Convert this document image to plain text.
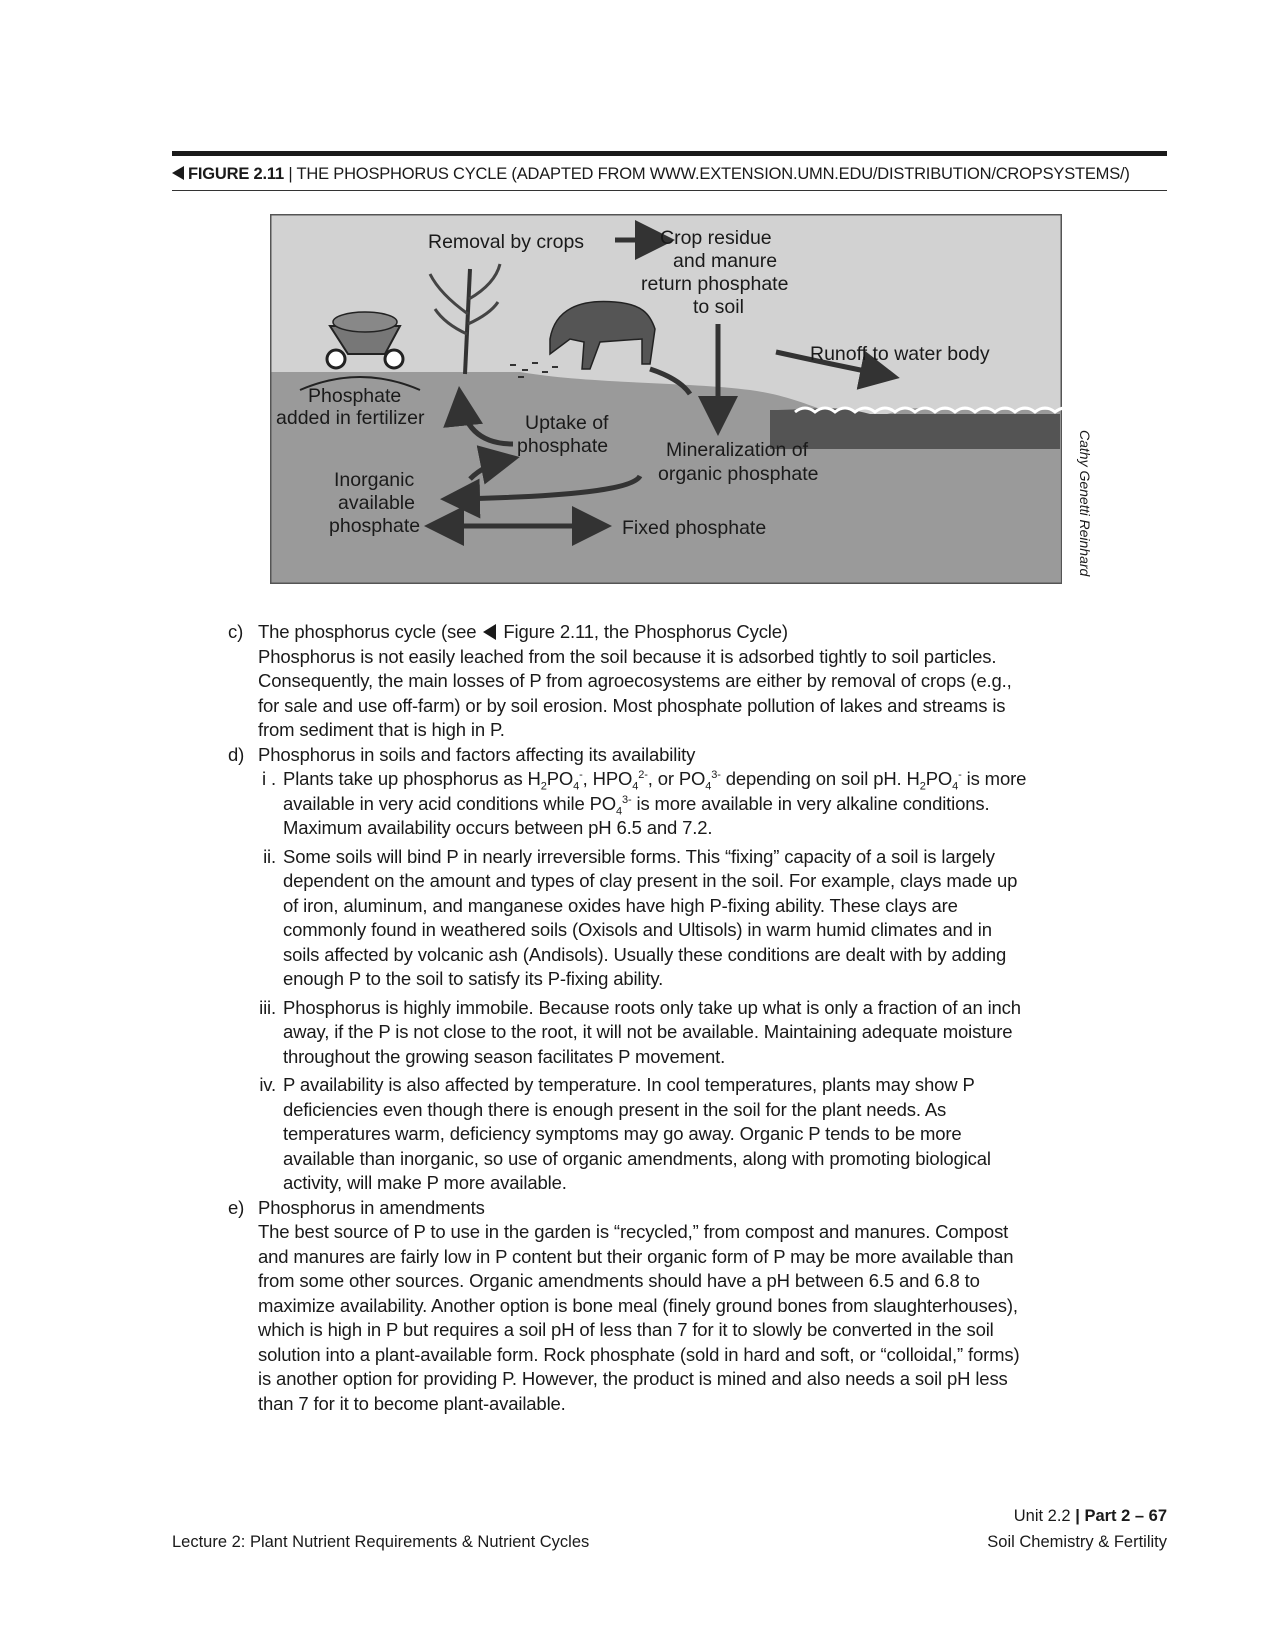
FIGURE 2.11 | THE PHOSPHORUS CYCLE (ADAPTED FROM WWW.EXTENSION.UMN.EDU/DISTRIBUTION/CROPSYSTEMS/)
Removal by crops	Crop residue
and manure
return phosphate
to soil
Runoff to water body
Phosphate
added in fertilizer	Uptake of
phosphate	Mineralization of
organic phosphate
Inorganic
available
phosphate	Fixed phosphate	Cathy Genetti Reinhard
c) The phosphorus cycle (see Figure 2.11, the Phosphorus Cycle)
Phosphorus is not easily leached from the soil because it is adsorbed tightly to soil particles. Consequently, the main losses of P from agroecosystems are either by removal of crops (e.g., for sale and use off-farm) or by soil erosion. Most phosphate pollution of lakes and streams is from sediment that is high in P.
d) Phosphorus in soils and factors affecting its availability
i . Plants take up phosphorus as $H_2PO_4^-$, $HPO_4^{2-}$, or $PO_4^{3-}$ depending on soil pH. $H_2PO_4^-$ is more available in very acid conditions while $PO_4^{3-}$ is more available in very alkaline conditions. Maximum availability occurs between pH 6.5 and 7.2.
ii. Some soils will bind P in nearly irreversible forms. This “fixing” capacity of a soil is largely dependent on the amount and types of clay present in the soil. For example, clays made up of iron, aluminum, and manganese oxides have high P-fixing ability. These clays are commonly found in weathered soils (Oxisols and Ultisols) in warm humid climates and in soils affected by volcanic ash (Andisols). Usually these conditions are dealt with by adding enough P to the soil to satisfy its P-fixing ability.
iii. Phosphorus is highly immobile. Because roots only take up what is only a fraction of an inch away, if the P is not close to the root, it will not be available. Maintaining adequate moisture throughout the growing season facilitates P movement.
iv. P availability is also affected by temperature. In cool temperatures, plants may show P deficiencies even though there is enough present in the soil for the plant needs. As temperatures warm, deficiency symptoms may go away. Organic P tends to be more available than inorganic, so use of organic amendments, along with promoting biological activity, will make P more available.
e) Phosphorus in amendments
The best source of P to use in the garden is “recycled,” from compost and manures. Compost and manures are fairly low in P content but their organic form of P may be more available than from some other sources. Organic amendments should have a pH between 6.5 and 6.8 to maximize availability. Another option is bone meal (finely ground bones from slaughterhouses), which is high in P but requires a soil pH of less than 7 for it to slowly be converted in the soil solution into a plant-available form. Rock phosphate (sold in hard and soft, or “colloidal,” forms) is another option for providing P. However, the product is mined and also needs a soil pH less than 7 for it to become plant-available.
Unit 2.2 | Part 2 – 67
Lecture 2: Plant Nutrient Requirements & Nutrient Cycles	Soil Chemistry & Fertility
